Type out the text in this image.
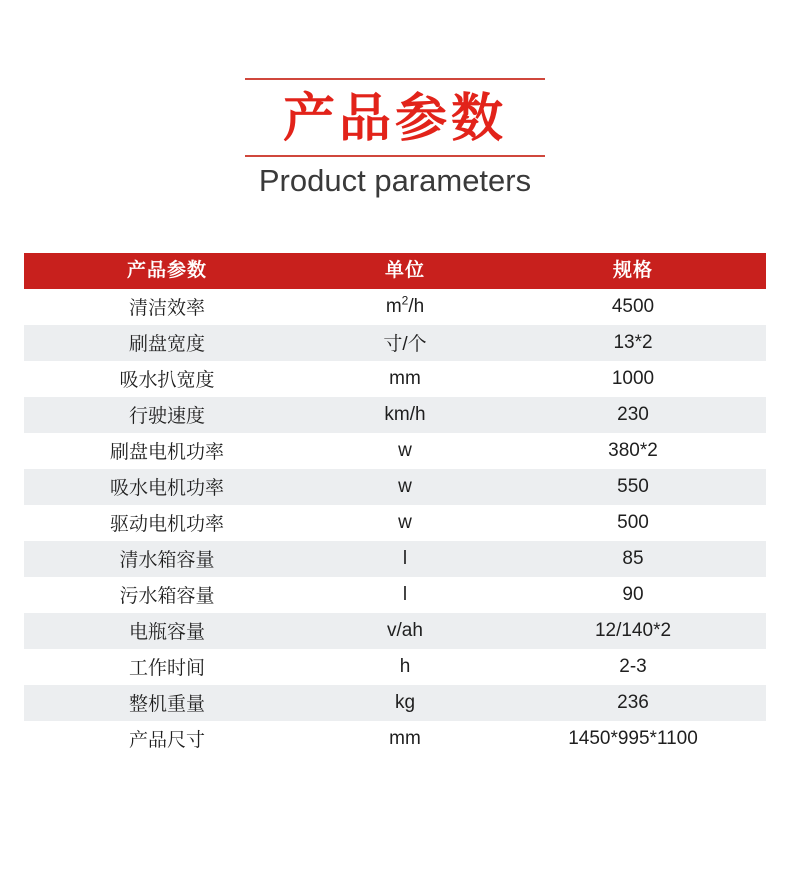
产品参数
Product parameters
产品参数	单位	规格
清洁效率	$m^2/h$	4500
刷盘宽度	寸/个	13*2
吸水扒宽度	mm	1000
行驶速度	km/h	230
刷盘电机功率	w	380*2
吸水电机功率	w	550
驱动电机功率	w	500
清水箱容量	l	85
污水箱容量	l	90
电瓶容量	v/ah	12/140*2
工作时间	h	2-3
整机重量	kg	236
产品尺寸	mm	1450*995*1100
